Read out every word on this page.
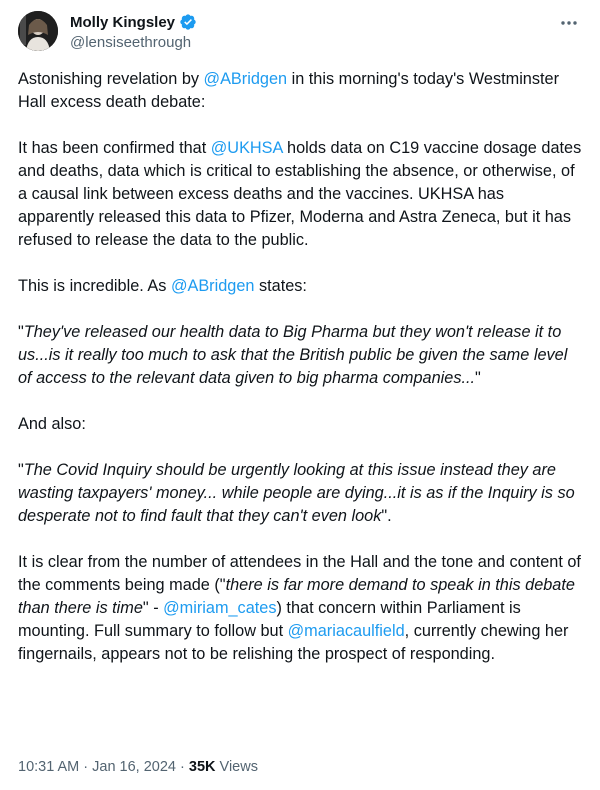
Molly Kingsley
@lensiseethrough

Astonishing revelation by @ABridgen in this morning's today's Westminster Hall excess death debate:

It has been confirmed that @UKHSA holds data on C19 vaccine dosage dates and deaths, data which is critical to establishing the absence, or otherwise, of a causal link between excess deaths and the vaccines. UKHSA has apparently released this data to Pfizer, Moderna and Astra Zeneca, but it has refused to release the data to the public.

This is incredible. As @ABridgen states:

"They've released our health data to Big Pharma but they won't release it to us...is it really too much to ask that the British public be given the same level of access to the relevant data given to big pharma companies..."

And also:

"The Covid Inquiry should be urgently looking at this issue instead they are wasting taxpayers' money... while people are dying...it is as if the Inquiry is so desperate not to find fault that they can't even look".

It is clear from the number of attendees in the Hall and the tone and content of the comments being made ("there is far more demand to speak in this debate than there is time" - @miriam_cates) that concern within Parliament is mounting. Full summary to follow but @mariacaulfield, currently chewing her fingernails, appears not to be relishing the prospect of responding.

10:31 AM · Jan 16, 2024 · 35K Views
